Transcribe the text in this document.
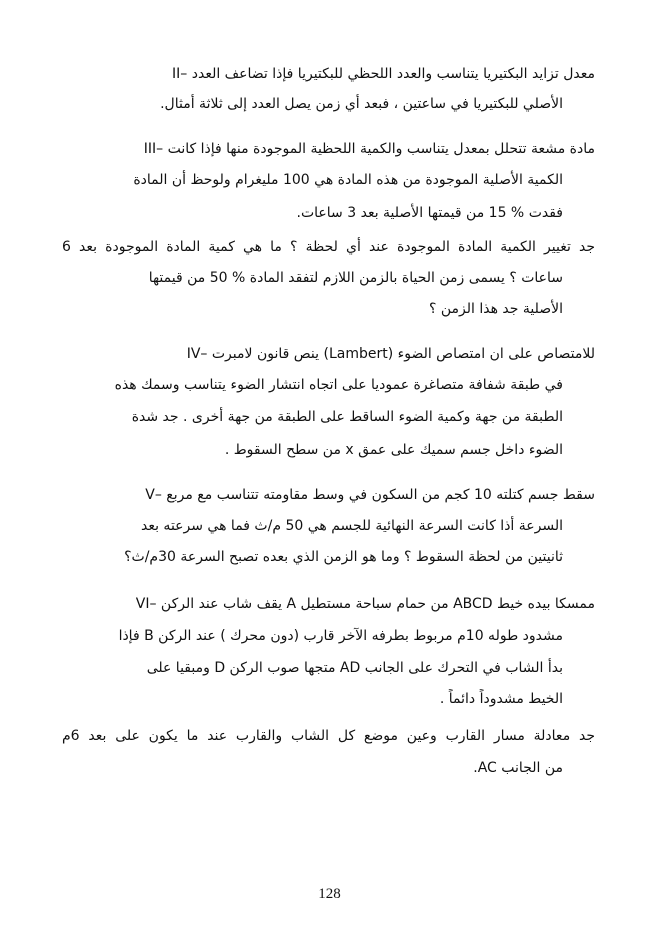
II– معدل تزايد البكتيريا يتناسب والعدد اللحظي للبكتيريا فإذا تضاعف العدد
الأصلي للبكتيريا في ساعتين ، فبعد أي زمن يصل العدد إلى ثلاثة أمثال.
III– مادة مشعة تتحلل بمعدل يتناسب والكمية اللحظية الموجودة منها فإذا كانت
الكمية الأصلية الموجودة من هذه المادة هي 100 مليغرام ولوحظ أن المادة
فقدت % 15 من قيمتها الأصلية بعد 3 ساعات.
جد تغيير الكمية المادة الموجودة عند أي لحظة ؟ ما هي كمية المادة الموجودة بعد 6
ساعات ؟ يسمى زمن الحياة بالزمن اللازم لتفقد المادة % 50 من قيمتها
الأصلية جد هذا الزمن ؟
IV– ينص قانون لامبرت (Lambert) للامتصاص على ان امتصاص الضوء
في طبقة شفافة متصاغرة عموديا على اتجاه انتشار الضوء يتناسب وسمك هذه
الطبقة من جهة وكمية الضوء الساقط على الطبقة من جهة أخرى . جد شدة
الضوء داخل جسم سميك على عمق x من سطح السقوط .
V– سقط جسم كتلته 10 كجم من السكون في وسط مقاومته تتناسب مع مربع
السرعة أذا كانت السرعة النهائية للجسم هي 50 م/ث فما هي سرعته بعد
ثانيتين من لحظة السقوط ؟ وما هو الزمن الذي بعده تصبح السرعة 30م/ث؟
VI– يقف شاب عند الركن A من حمام سباحة مستطيل ABCD ممسكا بيده خيط
مشدود طوله 10م مربوط بطرفه الآخر قارب (دون محرك ) عند الركن B فإذا
بدأ الشاب في التحرك على الجانب AD متجها صوب الركن D ومبقيا على
الخيط مشدوداً دائماً .
جد معادلة مسار القارب وعين موضع كل الشاب والقارب عند ما يكون على بعد 6م
من الجانب AC.
128
